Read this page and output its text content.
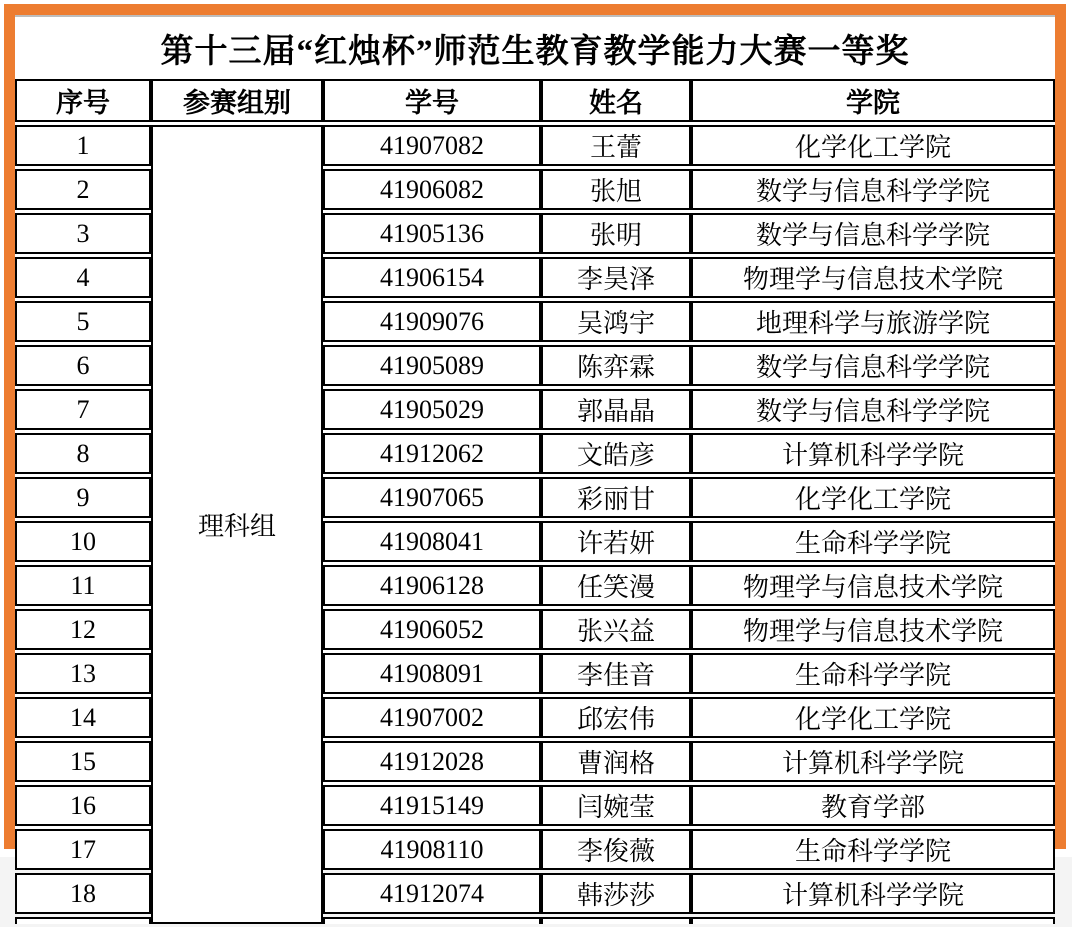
第十三届“红烛杯”师范生教育教学能力大赛一等奖
序号	参赛组别	学号	姓名	学院
1	理科组	41907082	王蕾	化学化工学院
2		41906082	张旭	数学与信息科学学院
3		41905136	张明	数学与信息科学学院
4		41906154	李昊泽	物理学与信息技术学院
5		41909076	吴鸿宇	地理科学与旅游学院
6		41905089	陈弈霖	数学与信息科学学院
7		41905029	郭晶晶	数学与信息科学学院
8		41912062	文皓彦	计算机科学学院
9		41907065	彩丽甘	化学化工学院
10		41908041	许若妍	生命科学学院
11		41906128	任笑漫	物理学与信息技术学院
12		41906052	张兴益	物理学与信息技术学院
13		41908091	李佳音	生命科学学院
14		41907002	邱宏伟	化学化工学院
15		41912028	曹润格	计算机科学学院
16		41915149	闫婉莹	教育学部
17		41908110	李俊薇	生命科学学院
18		41912074	韩莎莎	计算机科学学院
